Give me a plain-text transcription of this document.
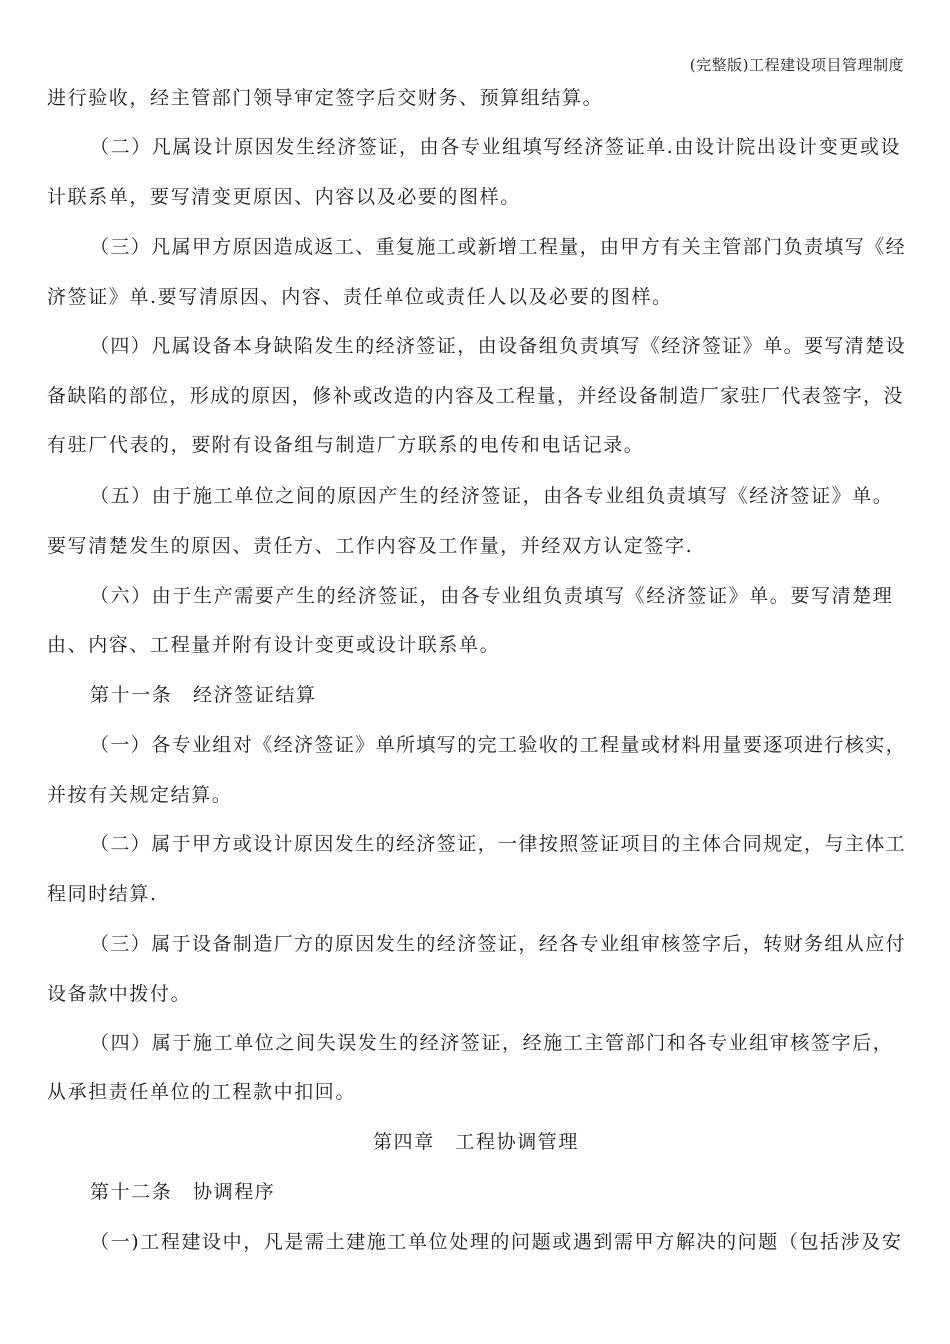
(完整版)工程建设项目管理制度
进行验收，经主管部门领导审定签字后交财务、预算组结算。
（二）凡属设计原因发生经济签证，由各专业组填写经济签证单.由设计院出设计变更或设
计联系单，要写清变更原因、内容以及必要的图样。
（三）凡属甲方原因造成返工、重复施工或新增工程量，由甲方有关主管部门负责填写《经
济签证》单.要写清原因、内容、责任单位或责任人以及必要的图样。
（四）凡属设备本身缺陷发生的经济签证，由设备组负责填写《经济签证》单。要写清楚设
备缺陷的部位，形成的原因，修补或改造的内容及工程量，并经设备制造厂家驻厂代表签字，没
有驻厂代表的，要附有设备组与制造厂方联系的电传和电话记录。
（五）由于施工单位之间的原因产生的经济签证，由各专业组负责填写《经济签证》单。
要写清楚发生的原因、责任方、工作内容及工作量，并经双方认定签字.
（六）由于生产需要产生的经济签证，由各专业组负责填写《经济签证》单。要写清楚理
由、内容、工程量并附有设计变更或设计联系单。
第十一条　经济签证结算
（一）各专业组对《经济签证》单所填写的完工验收的工程量或材料用量要逐项进行核实，
并按有关规定结算。
（二）属于甲方或设计原因发生的经济签证，一律按照签证项目的主体合同规定，与主体工
程同时结算.
（三）属于设备制造厂方的原因发生的经济签证，经各专业组审核签字后，转财务组从应付
设备款中拨付。
（四）属于施工单位之间失误发生的经济签证，经施工主管部门和各专业组审核签字后，
从承担责任单位的工程款中扣回。
第四章　工程协调管理
第十二条　协调程序
（一)工程建设中，凡是需土建施工单位处理的问题或遇到需甲方解决的问题（包括涉及安
